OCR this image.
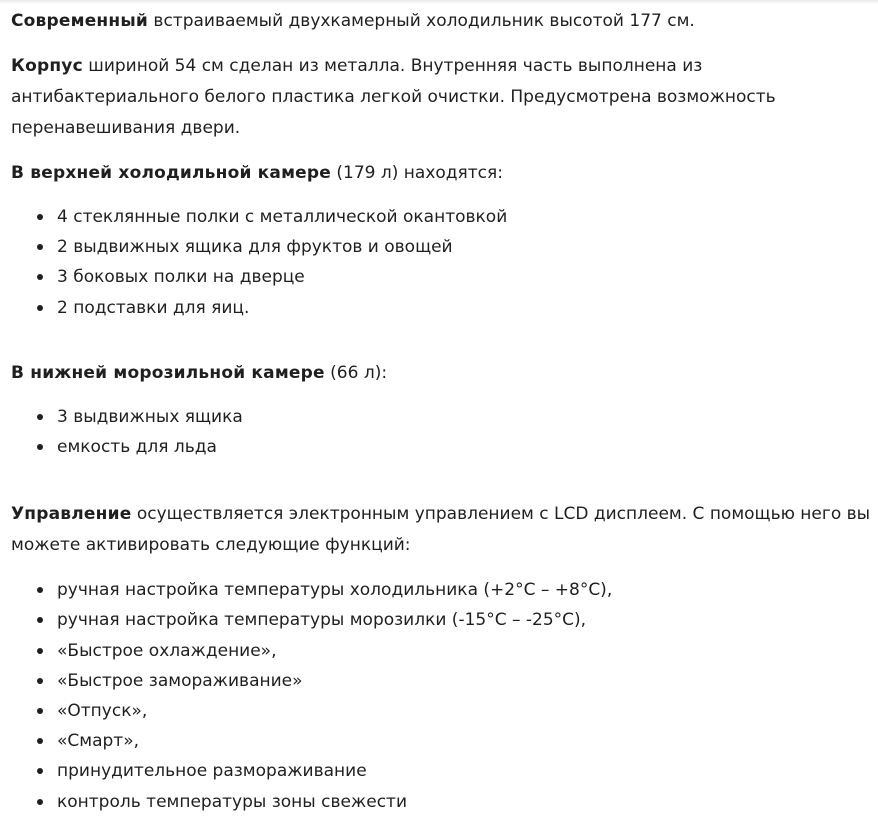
Современный встраиваемый двухкамерный холодильник высотой 177 см.

Корпус шириной 54 см сделан из металла. Внутренняя часть выполнена из антибактериального белого пластика легкой очистки. Предусмотрена возможность перенавешивания двери.

В верхней холодильной камере (179 л) находятся:

4 стеклянные полки с металлической окантовкой
2 выдвижных ящика для фруктов и овощей
3 боковых полки на дверце
2 подставки для яиц.

В нижней морозильной камере (66 л):

3 выдвижных ящика
емкость для льда

Управление осуществляется электронным управлением с LCD дисплеем. С помощью него вы можете активировать следующие функций:

ручная настройка температуры холодильника (+2°C – +8°C),
ручная настройка температуры морозилки (-15°C – -25°C),
«Быстрое охлаждение»,
«Быстрое замораживание»
«Отпуск»,
«Смарт»,
принудительное размораживание
контроль температуры зоны свежести
